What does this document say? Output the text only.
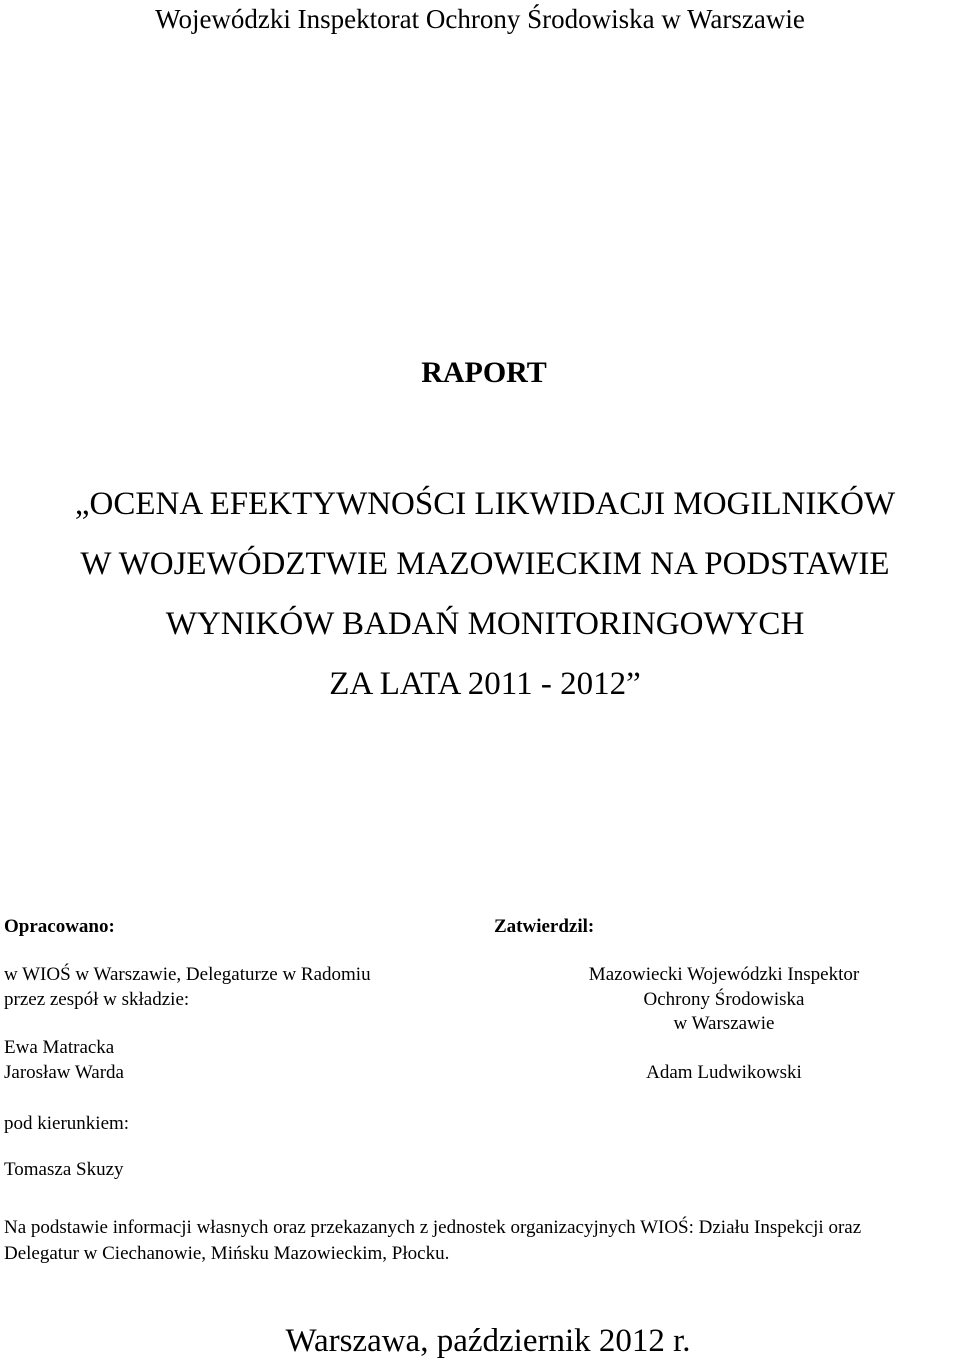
Wojewódzki Inspektorat Ochrony Środowiska w Warszawie
RAPORT
„OCENA EFEKTYWNOŚCI LIKWIDACJI MOGILNIKÓW
W WOJEWÓDZTWIE MAZOWIECKIM NA PODSTAWIE
WYNIKÓW BADAŃ MONITORINGOWYCH
ZA LATA 2011 - 2012”
Opracowano:
w WIOŚ w Warszawie, Delegaturze w Radomiu
przez zespół w składzie:
Ewa Matracka
Jarosław Warda
Zatwierdzil:
Mazowiecki Wojewódzki Inspektor
Ochrony Środowiska
w Warszawie
Adam Ludwikowski
pod kierunkiem:
Tomasza Skuzy
Na podstawie informacji własnych oraz przekazanych z jednostek organizacyjnych WIOŚ: Działu Inspekcji oraz
Delegatur w Ciechanowie, Mińsku Mazowieckim, Płocku.
Warszawa, październik 2012 r.
